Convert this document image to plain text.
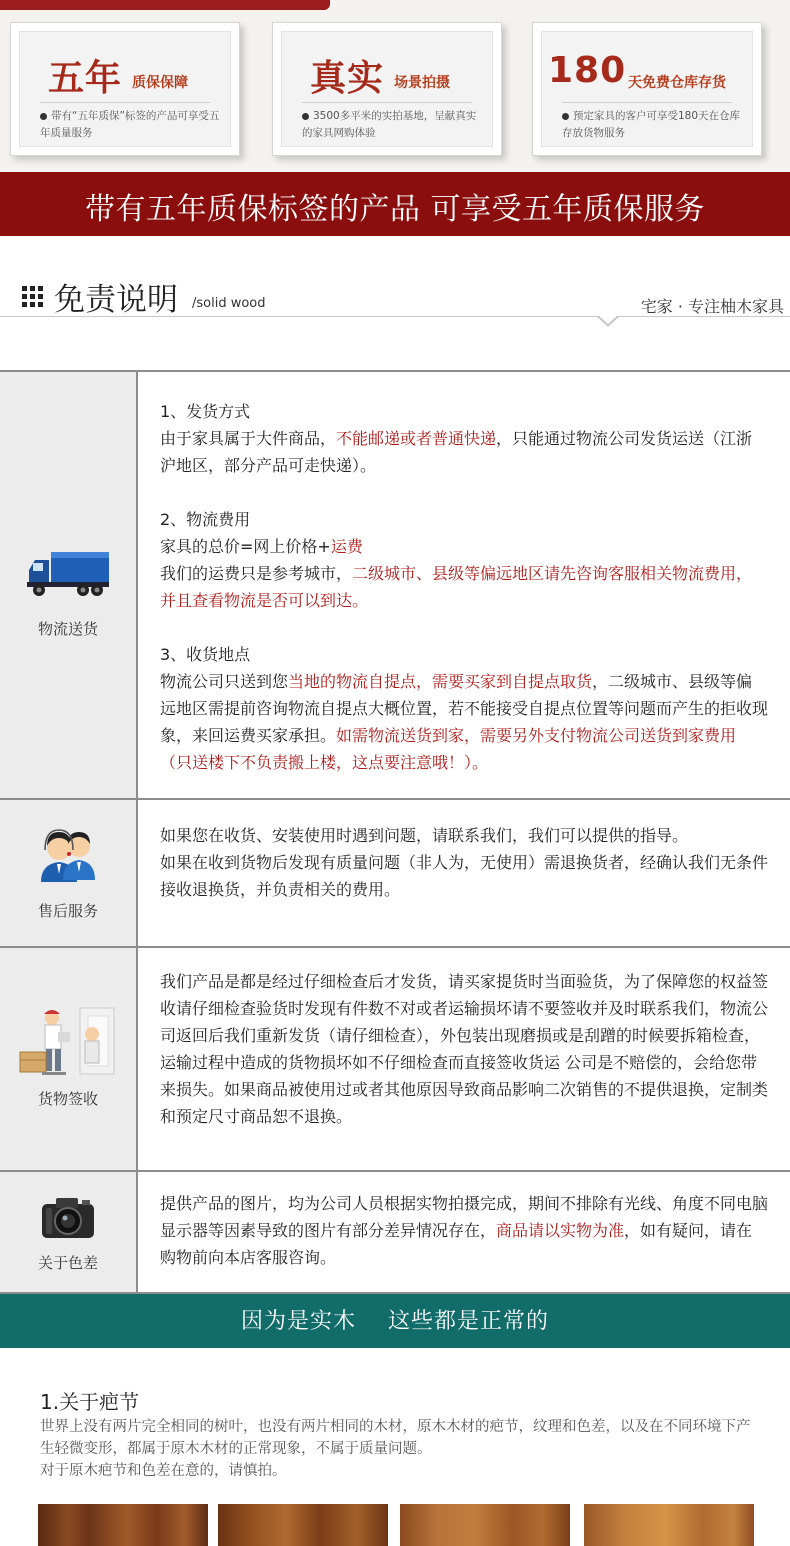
五年 质保保障
带有“五年质保”标签的产品可享受五年质量服务
真实 场景拍摄
3500多平米的实拍基地，呈献真实的家具网购体验
180 天免费仓库存货
预定家具的客户可享受180天在仓库存放货物服务
带有五年质保标签的产品 可享受五年质保服务
免责说明 /solid wood	宅家 · 专注柚木家具
物流送货

1、发货方式

由于家具属于大件商品，不能邮递或者普通快递，只能通过物流公司发货运送（江浙沪地区，部分产品可走快递）。

2、物流费用

家具的总价=网上价格+运费

我们的运费只是参考城市，二级城市、县级等偏远地区请先咨询客服相关物流费用，并且查看物流是否可以到达。

3、收货地点

物流公司只送到您当地的物流自提点，需要买家到自提点取货，二级城市、县级等偏远地区需提前咨询物流自提点大概位置，若不能接受自提点位置等问题而产生的拒收现象，来回运费买家承担。如需物流送货到家，需要另外支付物流公司送货到家费用（只送楼下不负责搬上楼，这点要注意哦！）。

售后服务

如果您在收货、安装使用时遇到问题，请联系我们，我们可以提供的指导。

如果在收到货物后发现有质量问题（非人为，无使用）需退换货者，经确认我们无条件接收退换货，并负责相关的费用。

货物签收

我们产品是都是经过仔细检查后才发货，请买家提货时当面验货，为了保障您的权益签收请仔细检查验货时发现有件数不对或者运输损坏请不要签收并及时联系我们，物流公司返回后我们重新发货（请仔细检查），外包装出现磨损或是刮蹭的时候要拆箱检查，运输过程中造成的货物损坏如不仔细检查而直接签收货运 公司是不赔偿的，会给您带来损失。如果商品被使用过或者其他原因导致商品影响二次销售的不提供退换，定制类和预定尺寸商品恕不退换。

关于色差

提供产品的图片，均为公司人员根据实物拍摄完成，期间不排除有光线、角度不同电脑显示器等因素导致的图片有部分差异情况存在，商品请以实物为准，如有疑问，请在购物前向本店客服咨询。

因为是实木    这些都是正常的
1.关于疤节

世界上没有两片完全相同的树叶，也没有两片相同的木材，原木木材的疤节，纹理和色差，以及在不同环境下产生轻微变形，都属于原木木材的正常现象，不属于质量问题。

对于原木疤节和色差在意的，请慎拍。
